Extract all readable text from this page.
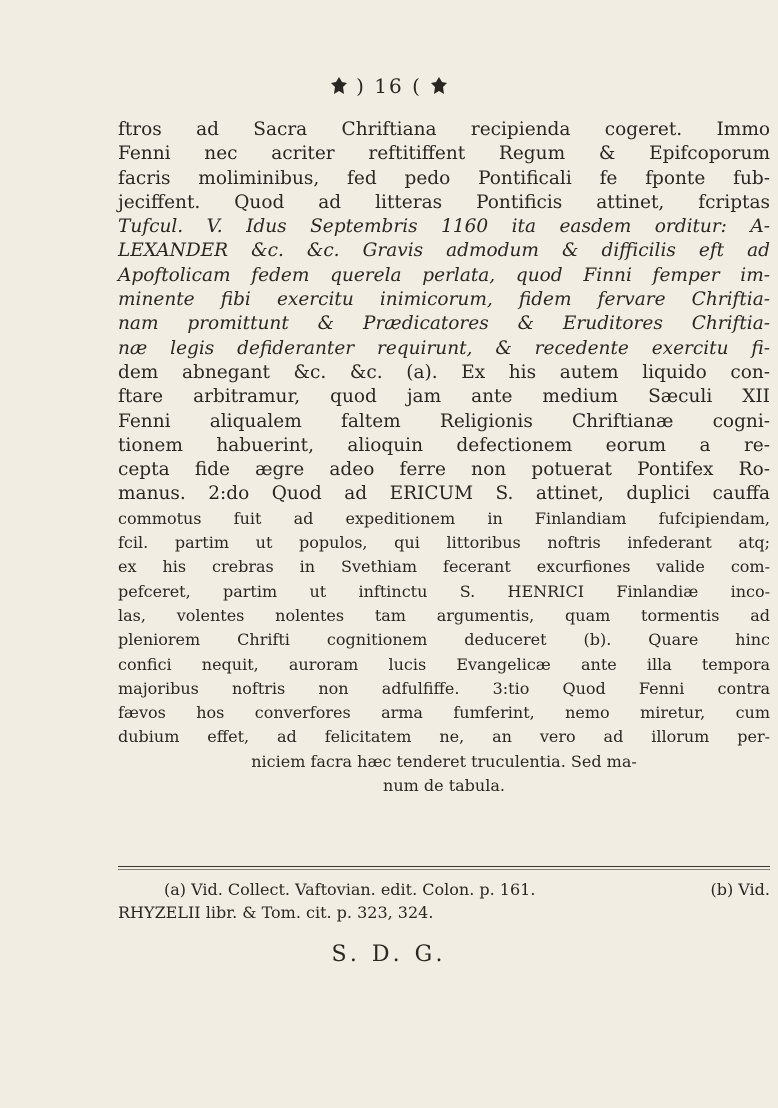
) 16 (
ftros ad Sacra Chriftiana recipienda cogeret. Immo
Fenni nec acriter reftitiffent Regum & Epifcoporum
facris moliminibus, fed pedo Pontificali fe fponte fub-
jeciffent. Quod ad litteras Pontificis attinet, fcriptas
Tufcul. V. Idus Septembris 1160 ita easdem orditur: A-
LEXANDER &c. &c. Gravis admodum & difficilis eft ad
Apoftolicam fedem querela perlata, quod Finni femper im-
minente fibi exercitu inimicorum, fidem fervare Chriftia-
nam promittunt & Prædicatores & Eruditores Chriftia-
næ legis defideranter requirunt, & recedente exercitu fi-
dem abnegant &c. &c. (a). Ex his autem liquido con-
ftare arbitramur, quod jam ante medium Sæculi XII
Fenni aliqualem faltem Religionis Chriftianæ cogni-
tionem habuerint, alioquin defectionem eorum a re-
cepta fide ægre adeo ferre non potuerat Pontifex Ro-
manus. 2:do Quod ad ERICUM S. attinet, duplici cauffa
commotus fuit ad expeditionem in Finlandiam fufcipiendam,
fcil. partim ut populos, qui littoribus noftris infederant atq;
ex his crebras in Svethiam fecerant excurfiones valide com-
pefceret, partim ut inftinctu S. HENRICI Finlandiæ inco-
las, volentes nolentes tam argumentis, quam tormentis ad
pleniorem Chrifti cognitionem deduceret (b). Quare hinc
confici nequit, auroram lucis Evangelicæ ante illa tempora
majoribus noftris non adfulfiffe. 3:tio Quod Fenni contra
fævos hos converfores arma fumferint, nemo miretur, cum
dubium effet, ad felicitatem ne, an vero ad illorum per-
niciem facra hæc tenderet truculentia. Sed ma-
num de tabula.
(a) Vid. Collect. Vaftovian. edit. Colon. p. 161.	(b) Vid.
RHYZELII libr. & Tom. cit. p. 323, 324.
S. D. G.
